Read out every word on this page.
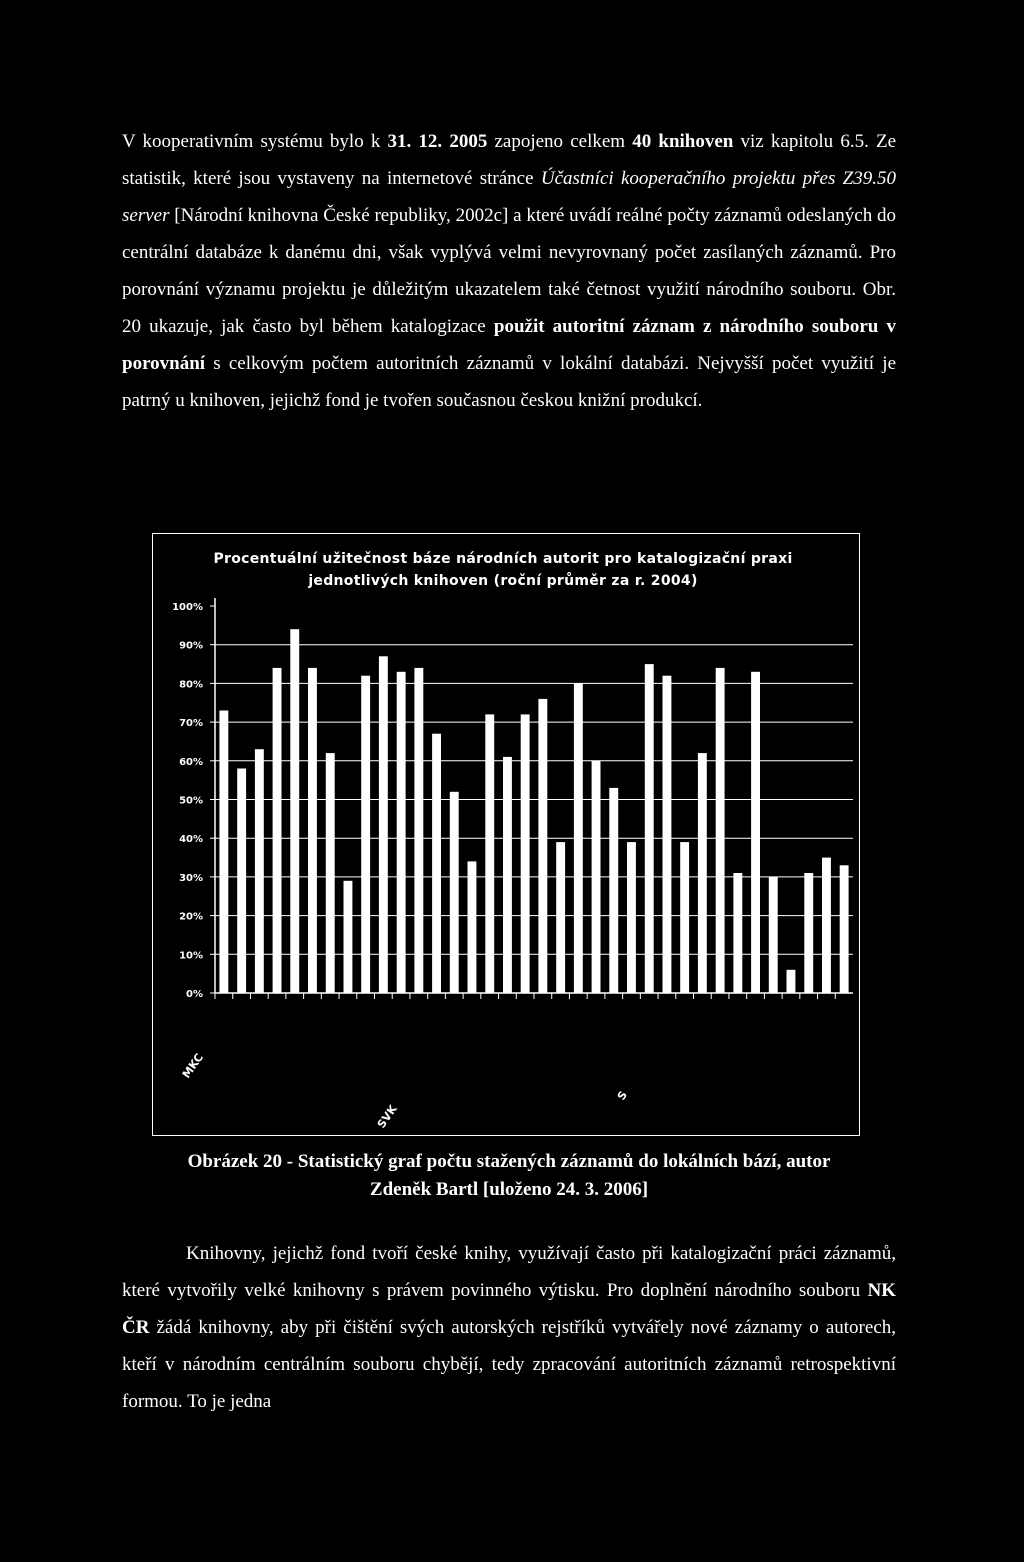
V kooperativním systému bylo k 31. 12. 2005 zapojeno celkem 40 knihoven viz kapitolu 6.5. Ze statistik, které jsou vystaveny na internetové stránce Účastníci kooperačního projektu přes Z39.50 server [Národní knihovna České republiky, 2002c] a které uvádí reálné počty záznamů odeslaných do centrální databáze k danému dni, však vyplývá velmi nevyrovnaný počet zasílaných záznamů. Pro porovnání významu projektu je důležitým ukazatelem také četnost využití národního souboru. Obr. 20 ukazuje, jak často byl během katalogizace použit autoritní záznam z národního souboru v porovnání s celkovým počtem autoritních záznamů v lokální databázi. Nejvyšší počet využití je patrný u knihoven, jejichž fond je tvořen současnou českou knižní produkcí.

100%
90%
80%
70%
60%
50%
40%
30%
20%
10%
0%
MKC
SVK
S
Procentuální užitečnost báze národních autorit pro katalogizační praxi jednotlivých knihoven (roční průměr za r. 2004)
Obrázek 20 - Statistický graf počtu stažených záznamů do lokálních bází, autor
Zdeněk Bartl [uloženo 24. 3. 2006]

Knihovny, jejichž fond tvoří české knihy, využívají často při katalogizační práci záznamů, které vytvořily velké knihovny s právem povinného výtisku. Pro doplnění národního souboru NK ČR žádá knihovny, aby při čištění svých autorských rejstříků vytvářely nové záznamy o autorech, kteří v národním centrálním souboru chybějí, tedy zpracování autoritních záznamů retrospektivní formou. To je jedna
